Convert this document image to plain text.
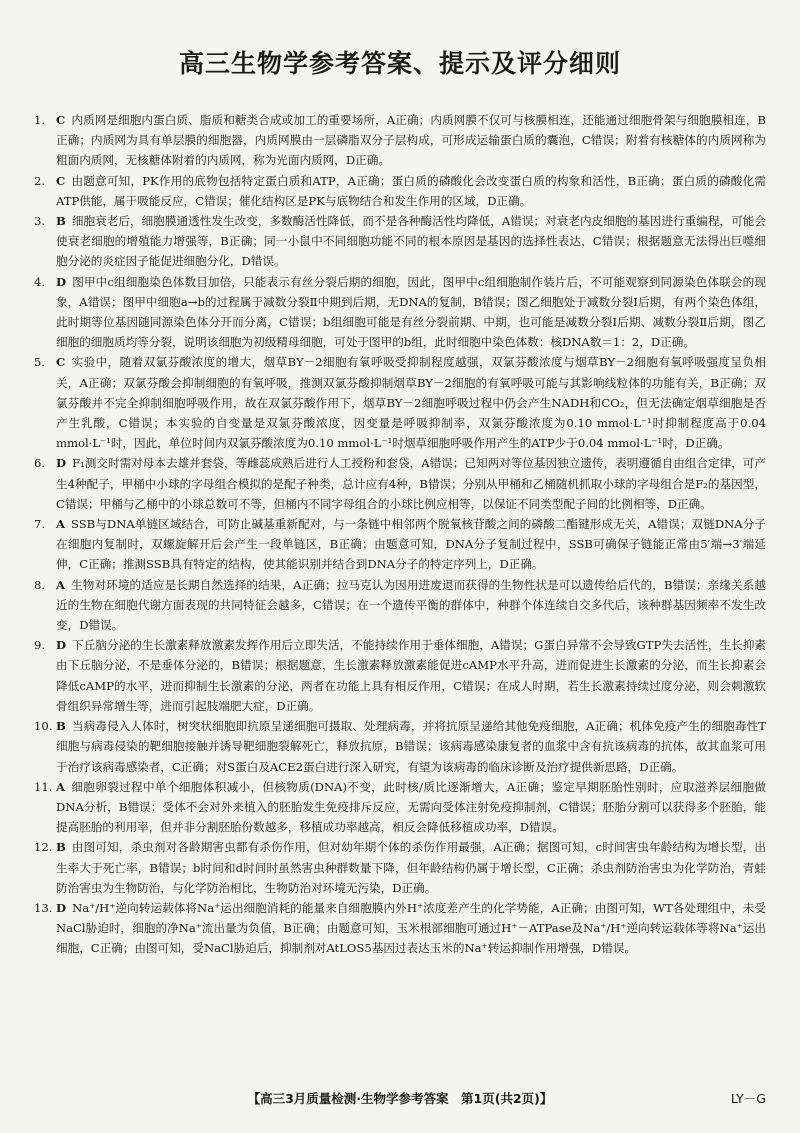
高三生物学参考答案、提示及评分细则
1. C 内质网是细胞内蛋白质、脂质和糖类合成或加工的重要场所，A正确；内质网膜不仅可与核膜相连，还能通过细胞骨架与细胞膜相连，B正确；内质网为具有单层膜的细胞器，内质网膜由一层磷脂双分子层构成，可形成运输蛋白质的囊泡，C错误；附着有核糖体的内质网称为粗面内质网，无核糖体附着的内质网，称为光面内质网，D正确。
2. C 由题意可知，PK作用的底物包括特定蛋白质和ATP，A正确；蛋白质的磷酸化会改变蛋白质的构象和活性，B正确；蛋白质的磷酸化需ATP供能，属于吸能反应，C错误；催化结构区是PK与底物结合和发生作用的区域，D正确。
3. B 细胞衰老后，细胞膜通透性发生改变，多数酶活性降低，而不是各种酶活性均降低，A错误；对衰老内皮细胞的基因进行重编程，可能会使衰老细胞的增殖能力增强等，B正确；同一小鼠中不同细胞功能不同的根本原因是基因的选择性表达，C错误；根据题意无法得出巨噬细胞分泌的炎症因子能促进细胞分化，D错误。
4. D 图甲中c组细胞染色体数目加倍，只能表示有丝分裂后期的细胞，因此，图甲中c组细胞制作装片后，不可能观察到同源染色体联会的现象，A错误；图甲中细胞a→b的过程属于减数分裂Ⅱ中期到后期，无DNA的复制，B错误；图乙细胞处于减数分裂Ⅰ后期，有两个染色体组，此时期等位基因随同源染色体分开而分离，C错误；b组细胞可能是有丝分裂前期、中期，也可能是减数分裂Ⅰ后期、减数分裂Ⅱ后期，图乙细胞的细胞质均等分裂，说明该细胞为初级精母细胞，可处于图甲的b组，此时细胞中染色体数：核DNA数＝1：2，D正确。
5. C 实验中，随着双氯芬酸浓度的增大，烟草BY－2细胞有氧呼吸受抑制程度越强，双氯芬酸浓度与烟草BY－2细胞有氧呼吸强度呈负相关，A正确；双氯芬酸会抑制细胞的有氧呼吸，推测双氯芬酸抑制烟草BY－2细胞的有氧呼吸可能与其影响线粒体的功能有关，B正确；双氯芬酸并不完全抑制细胞呼吸作用，故在双氯芬酸作用下，烟草BY－2细胞呼吸过程中仍会产生NADH和CO₂，但无法确定烟草细胞是否产生乳酸，C错误；本实验的自变量是双氯芬酸浓度，因变量是呼吸抑制率，双氯芬酸浓度为0.10 mmol·L⁻¹时抑制程度高于0.04 mmol·L⁻¹时，因此，单位时间内双氯芬酸浓度为0.10 mmol·L⁻¹时烟草细胞呼吸作用产生的ATP少于0.04 mmol·L⁻¹时，D正确。
6. D F₁测交时需对母本去雄并套袋，等雌蕊成熟后进行人工授粉和套袋，A错误；已知两对等位基因独立遗传，表明遵循自由组合定律，可产生4种配子，甲桶中小球的字母组合模拟的是配子种类，总计应有4种，B错误；分别从甲桶和乙桶随机抓取小球的字母组合是F₂的基因型，C错误；甲桶与乙桶中的小球总数可不等，但桶内不同字母组合的小球比例应相等，以保证不同类型配子间的比例相等，D正确。
7. A SSB与DNA单链区域结合，可防止碱基重新配对，与一条链中相邻两个脱氧核苷酸之间的磷酸二酯键形成无关，A错误；双链DNA分子在细胞内复制时，双螺旋解开后会产生一段单链区，B正确；由题意可知，DNA分子复制过程中，SSB可确保子链能正常由5′端→3′端延伸，C正确；推测SSB具有特定的结构，使其能识别并结合到DNA分子的特定序列上，D正确。
8. A 生物对环境的适应是长期自然选择的结果，A正确；拉马克认为因用进废退而获得的生物性状是可以遗传给后代的，B错误；亲缘关系越近的生物在细胞代谢方面表现的共同特征会越多，C错误；在一个遗传平衡的群体中，种群个体连续自交多代后，该种群基因频率不发生改变，D错误。
9. D 下丘脑分泌的生长激素释放激素发挥作用后立即失活，不能持续作用于垂体细胞，A错误；G蛋白异常不会导致GTP失去活性，生长抑素由下丘脑分泌，不是垂体分泌的，B错误；根据题意，生长激素释放激素能促进cAMP水平升高，进而促进生长激素的分泌，而生长抑素会降低cAMP的水平，进而抑制生长激素的分泌，两者在功能上具有相反作用，C错误；在成人时期，若生长激素持续过度分泌，则会刺激软骨组织异常增生等，进而引起肢端肥大症，D正确。
10. B 当病毒侵入人体时，树突状细胞即抗原呈递细胞可摄取、处理病毒，并将抗原呈递给其他免疫细胞，A正确；机体免疫产生的细胞毒性T细胞与病毒侵染的靶细胞接触并诱导靶细胞裂解死亡，释放抗原，B错误；该病毒感染康复者的血浆中含有抗该病毒的抗体，故其血浆可用于治疗该病毒感染者，C正确；对S蛋白及ACE2蛋白进行深入研究，有望为该病毒的临床诊断及治疗提供新思路，D正确。
11. A 细胞卵裂过程中单个细胞体积减小，但核物质(DNA)不变，此时核/质比逐渐增大，A正确；鉴定早期胚胎性别时，应取滋养层细胞做DNA分析，B错误；受体不会对外来植入的胚胎发生免疫排斥反应，无需向受体注射免疫抑制剂，C错误；胚胎分割可以获得多个胚胎，能提高胚胎的利用率，但并非分割胚胎份数越多，移植成功率越高，相反会降低移植成功率，D错误。
12. B 由图可知，杀虫剂对各龄期害虫都有杀伤作用，但对幼年期个体的杀伤作用最强，A正确；据图可知，c时间害虫年龄结构为增长型，出生率大于死亡率，B错误；b时间和d时间时虽然害虫种群数量下降，但年龄结构仍属于增长型，C正确；杀虫剂防治害虫为化学防治，青蛙防治害虫为生物防治，与化学防治相比，生物防治对环境无污染，D正确。
13. D Na⁺/H⁺逆向转运载体将Na⁺运出细胞消耗的能量来自细胞膜内外H⁺浓度差产生的化学势能，A正确；由图可知，WT各处理组中，未受NaCl胁迫时，细胞的净Na⁺流出量为负值，B正确；由题意可知，玉米根部细胞可通过H⁺－ATPase及Na⁺/H⁺逆向转运载体等将Na⁺运出细胞，C正确；由图可知，受NaCl胁迫后，抑制剂对AtLOS5基因过表达玉米的Na⁺转运抑制作用增强，D错误。
【高三3月质量检测·生物学参考答案　第1页(共2页)】	LY－G
